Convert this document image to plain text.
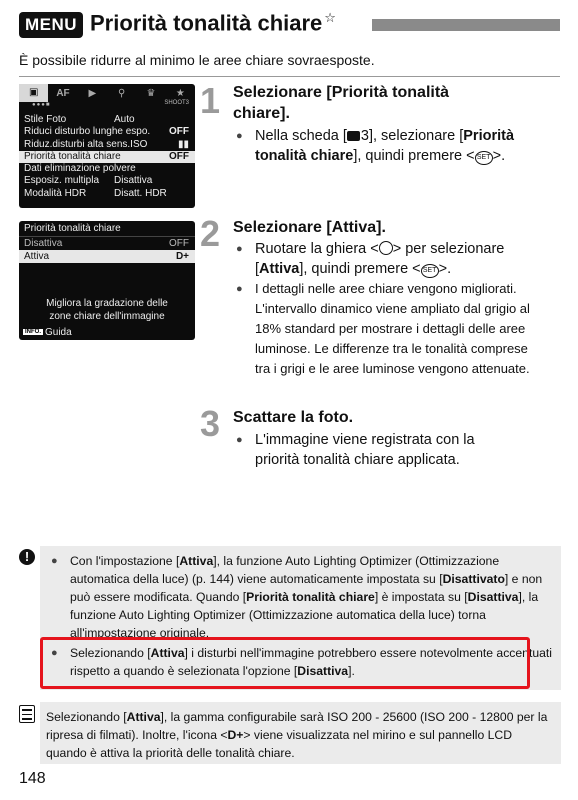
MENU Priorità tonalità chiare ☆
È possibile ridurre al minimo le aree chiare sovraesposte.
▣	AF	▶	⚲	♛	★
●●●■	SHOOT3
Stile Foto	Auto
Riduci disturbo lunghe espo. OFF
Riduz.disturbi alta sens.ISO	▮▮
Priorità tonalità chiare	OFF
Dati eliminazione polvere
Esposiz. multipla Disattiva
Modalità HDR	Disatt. HDR
Priorità tonalità chiare
Disattiva	OFF
Attiva	D+
Migliora la gradazione delle
zone chiare dell'immagine
INFO. Guida
1 Selezionare [Priorità tonalità chiare].
● Nella scheda [ 3], selezionare [Priorità tonalità chiare], quindi premere < SET >.
2 Selezionare [Attiva].
● Ruotare la ghiera < > per selezionare [Attiva], quindi premere < SET >.
● I dettagli nelle aree chiare vengono migliorati. L'intervallo dinamico viene ampliato dal grigio al 18% standard per mostrare i dettagli delle aree luminose. Le differenze tra le tonalità comprese tra i grigi e le aree luminose vengono attenuate.
3 Scattare la foto.
● L'immagine viene registrata con la priorità tonalità chiare applicata.
!
●	Con l'impostazione [Attiva], la funzione Auto Lighting Optimizer (Ottimizzazione automatica della luce) (p. 144) viene automaticamente impostata su [Disattivato] e non può essere modificata. Quando [Priorità tonalità chiare] è impostata su [Disattiva], la funzione Auto Lighting Optimizer (Ottimizzazione automatica della luce) torna all'impostazione originale.
● Selezionando [Attiva] i disturbi nell'immagine potrebbero essere notevolmente accentuati rispetto a quando è selezionata l'opzione [Disattiva].
Selezionando [Attiva], la gamma configurabile sarà ISO 200 - 25600 (ISO 200 - 12800 per la ripresa di filmati). Inoltre, l'icona <D+> viene visualizzata nel mirino e sul pannello LCD quando è attiva la priorità delle tonalità chiare.
148
